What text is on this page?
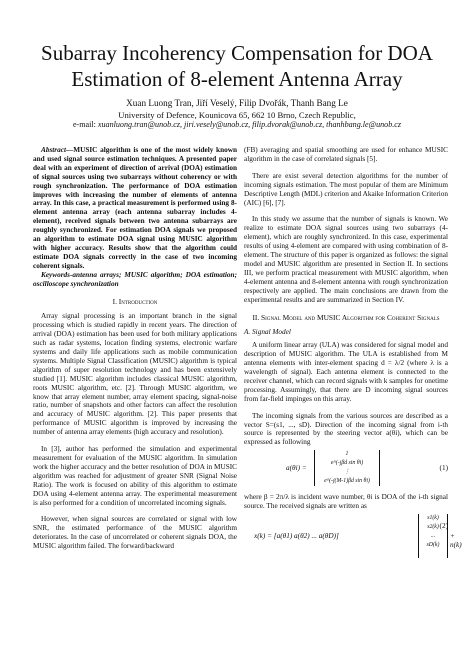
Subarray Incoherency Compensation for DOA
Estimation of 8-element Antenna Array
Xuan Luong Tran, Jiří Veselý, Filip Dvořák, Thanh Bang Le
University of Defence, Kounicova 65, 662 10 Brno, Czech Republic,
e-mail: xuanluong.tran@unob.cz, jiri.vesely@unob.cz, filip.dvorak@unob.cz, thanhbang.le@unob.cz

Abstract—MUSIC algorithm is one of the most widely known and used signal source estimation techniques. A presented paper deal with an experiment of direction of arrival (DOA) estimation of signal sources using two subarrays without coherency or with rough synchronization. The performance of DOA estimation improves with increasing the number of elements of antenna array. In this case, a practical measurement is performed using 8-element antenna array (each antenna subarray includes 4-element), received signals between two antenna subarrays are roughly synchronized. For estimation DOA signals we proposed an algorithm to estimate DOA signal using MUSIC algorithm with higher accuracy. Results show that the algorithm could estimate DOA signals correctly in the case of two incoming coherent signals.

Keywords-antenna arrays; MUSIC algorithm; DOA estimation; oscilloscope synchronization

I. Introduction

Array signal processing is an important branch in the signal processing which is studied rapidly in recent years. The direction of arrival (DOA) estimation has been used for both military applications such as radar systems, location finding systems, electronic warfare systems and daily life applications such as mobile communication systems. Multiple Signal Classification (MUSIC) algorithm is typical algorithm of super resolution technology and has been extensively studied [1]. MUSIC algorithm includes classical MUSIC algorithm, roots MUSIC algorithm, etc. [2]. Through MUSIC algorithm, we know that array element number, array element spacing, signal-noise ratio, number of snapshots and other factors can affect the resolution and accuracy of MUSIC algorithm. [2]. This paper presents that performance of MUSIC algorithm is improved by increasing the number of antenna array elements (high accuracy and resolution).

In [3], author has performed the simulation and experimental measurement for evaluation of the MUSIC algorithm. In simulation work the higher accuracy and the better resolution of DOA in MUSIC algorithm was reached for adjustment of greater SNR (Signal Noise Ratio). The work is focused on ability of this algorithm to estimate DOA using 4-element antenna array. The experimental measurement is also performed for a condition of uncorrelated incoming signals.

However, when signal sources are correlated or signal with low SNR, the estimated performance of the MUSIC algorithm deteriorates. In the case of uncorrelated or coherent signals DOA, the MUSIC algorithm failed. The forward/backward

(FB) averaging and spatial smoothing are used for enhance MUSIC algorithm in the case of correlated signals [5].

There are exist several detection algorithms for the number of incoming signals estimation. The most popular of them are Minimum Descriptive Length (MDL) criterion and Akaike Information Criterion (AIC) [6], [7].

In this study we assume that the number of signals is known. We realize to estimate DOA signal sources using two subarrays (4-element), which are roughly synchronized. In this case, experimental results of using 4-element are compared with using combination of 8-element. The structure of this paper is organized as follows: the signal model and MUSIC algorithm are presented in Section II. In sections III, we perform practical measurement with MUSIC algorithm, when 4-element antenna and 8-element antenna with rough synchronization respectively are applied. The main conclusions are drawn from the experimental results and are summarized in Section IV.

II. Signal Model and MUSIC Algorithm for Coherent Signals
A. Signal Model

A uniform linear array (ULA) was considered for signal model and description of MUSIC algorithm. The ULA is established from M antenna elements with inter-element spacing d = λ/2 (where λ is a wavelength of signal). Each antenna element is connected to the receiver channel, which can record signals with k samples for onetime processing. Assumingly, that there are D incoming signal sources from far-field impinges on this array.

The incoming signals from the various sources are described as a vector S=(s1, ..., sD). Direction of the incoming signal from i-th source is represented by the steering vector a(θi), which can be expressed as following

a(θi) =
1
e^(-jβd sin θi)
⋮
e^(-j(M-1)βd sin θi)
(1)

where β = 2π/λ is incident wave number, θi is DOA of the i-th signal source. The received signals are written as

x(k) = [a(θ1) a(θ2) ... a(θD)]
s1(k)
s2(k)
...
sD(k)
+ n(k)
(2)
